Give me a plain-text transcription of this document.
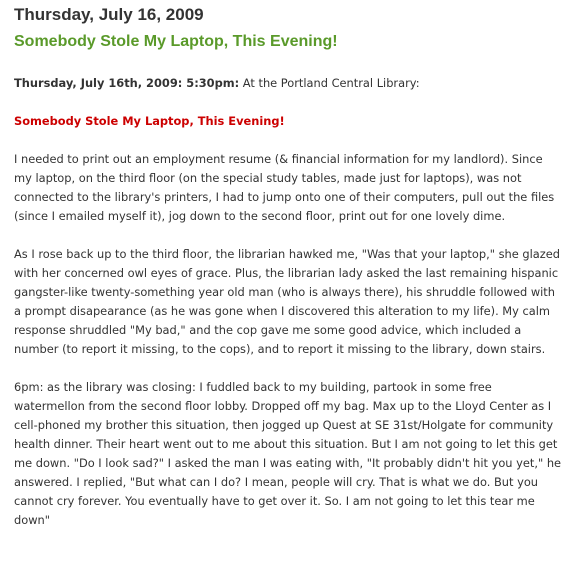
Thursday, July 16, 2009
Somebody Stole My Laptop, This Evening!

Thursday, July 16th, 2009: 5:30pm: At the Portland Central Library:

Somebody Stole My Laptop, This Evening!

I needed to print out an employment resume (& financial information for my landlord). Since my laptop, on the third floor (on the special study tables, made just for laptops), was not connected to the library's printers, I had to jump onto one of their computers, pull out the files (since I emailed myself it), jog down to the second floor, print out for one lovely dime.

As I rose back up to the third floor, the librarian hawked me, "Was that your laptop," she glazed with her concerned owl eyes of grace. Plus, the librarian lady asked the last remaining hispanic gangster-like twenty-something year old man (who is always there), his shruddle followed with a prompt disapearance (as he was gone when I discovered this alteration to my life). My calm response shruddled "My bad," and the cop gave me some good advice, which included a number (to report it missing, to the cops), and to report it missing to the library, down stairs.

6pm: as the library was closing: I fuddled back to my building, partook in some free watermellon from the second floor lobby. Dropped off my bag. Max up to the Lloyd Center as I cell-phoned my brother this situation, then jogged up Quest at SE 31st/Holgate for community health dinner. Their heart went out to me about this situation. But I am not going to let this get me down. "Do I look sad?" I asked the man I was eating with, "It probably didn't hit you yet," he answered. I replied, "But what can I do? I mean, people will cry. That is what we do. But you cannot cry forever. You eventually have to get over it. So. I am not going to let this tear me down"
